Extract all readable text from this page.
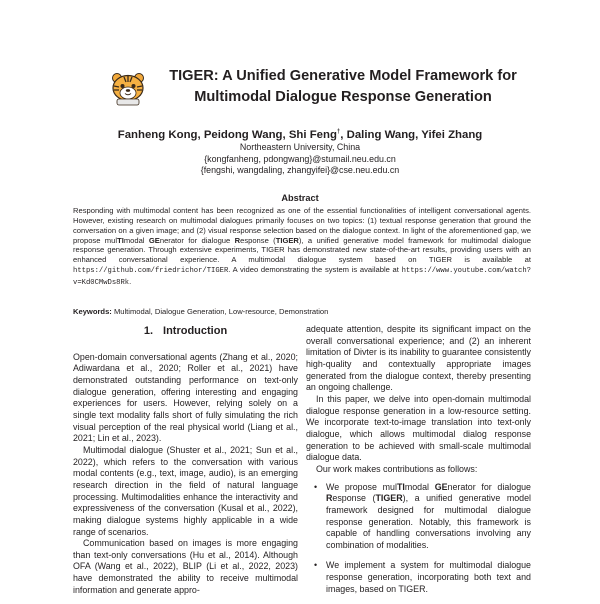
TIGER: A Unified Generative Model Framework for
Multimodal Dialogue Response Generation
Fanheng Kong, Peidong Wang, Shi Feng†, Daling Wang, Yifei Zhang
Northeastern University, China
{kongfanheng, pdongwang}@stumail.neu.edu.cn
{fengshi, wangdaling, zhangyifei}@cse.neu.edu.cn
Abstract

Responding with multimodal content has been recognized as one of the essential functionalities of intelligent conversational agents. However, existing research on multimodal dialogues primarily focuses on two topics: (1) textual response generation that ground the conversation on a given image; and (2) visual response selection based on the dialogue context. In light of the aforementioned gap, we propose mulTImodal GEnerator for dialogue Response (TIGER), a unified generative model framework for multimodal dialogue response generation. Through extensive experiments, TIGER has demonstrated new state-of-the-art results, providing users with an enhanced conversational experience. A multimodal dialogue system based on TIGER is available at https://github.com/friedrichor/TIGER. A video demonstrating the system is available at https://www.youtube.com/watch?v=Kd0CMwDs8Rk.

Keywords: Multimodal, Dialogue Generation, Low-resource, Demonstration
1. Introduction

Open-domain conversational agents (Zhang et al., 2020; Adiwardana et al., 2020; Roller et al., 2021) have demonstrated outstanding performance on text-only dialogue generation, offering interesting and engaging experiences for users. However, relying solely on a single text modality falls short of fully simulating the rich visual perception of the real physical world (Liang et al., 2021; Lin et al., 2023).

Multimodal dialogue (Shuster et al., 2021; Sun et al., 2022), which refers to the conversation with various modal contents (e.g., text, image, audio), is an emerging research direction in the field of natural language processing. Multimodalities enhance the interactivity and expressiveness of the conversation (Kusal et al., 2022), making dialogue systems highly applicable in a wide range of scenarios.

Communication based on images is more engaging than text-only conversations (Hu et al., 2014). Although OFA (Wang et al., 2022), BLIP (Li et al., 2022, 2023) have demonstrated the ability to receive multimodal information and generate appro-

adequate attention, despite its significant impact on the overall conversational experience; and (2) an inherent limitation of Divter is its inability to guarantee consistently high-quality and contextually appropriate images generated from the dialogue context, thereby presenting an ongoing challenge.

In this paper, we delve into open-domain multimodal dialogue response generation in a low-resource setting. We incorporate text-to-image translation into text-only dialogue, which allows multimodal dialog response generation to be achieved with small-scale multimodal dialogue data.

Our work makes contributions as follows:

• We propose mulTImodal GEnerator for dialogue Response (TIGER), a unified generative model framework designed for multimodal dialogue response generation. Notably, this framework is capable of handling conversations involving any combination of modalities.
• We implement a system for multimodal dialogue response generation, incorporating both text and images, based on TIGER.
